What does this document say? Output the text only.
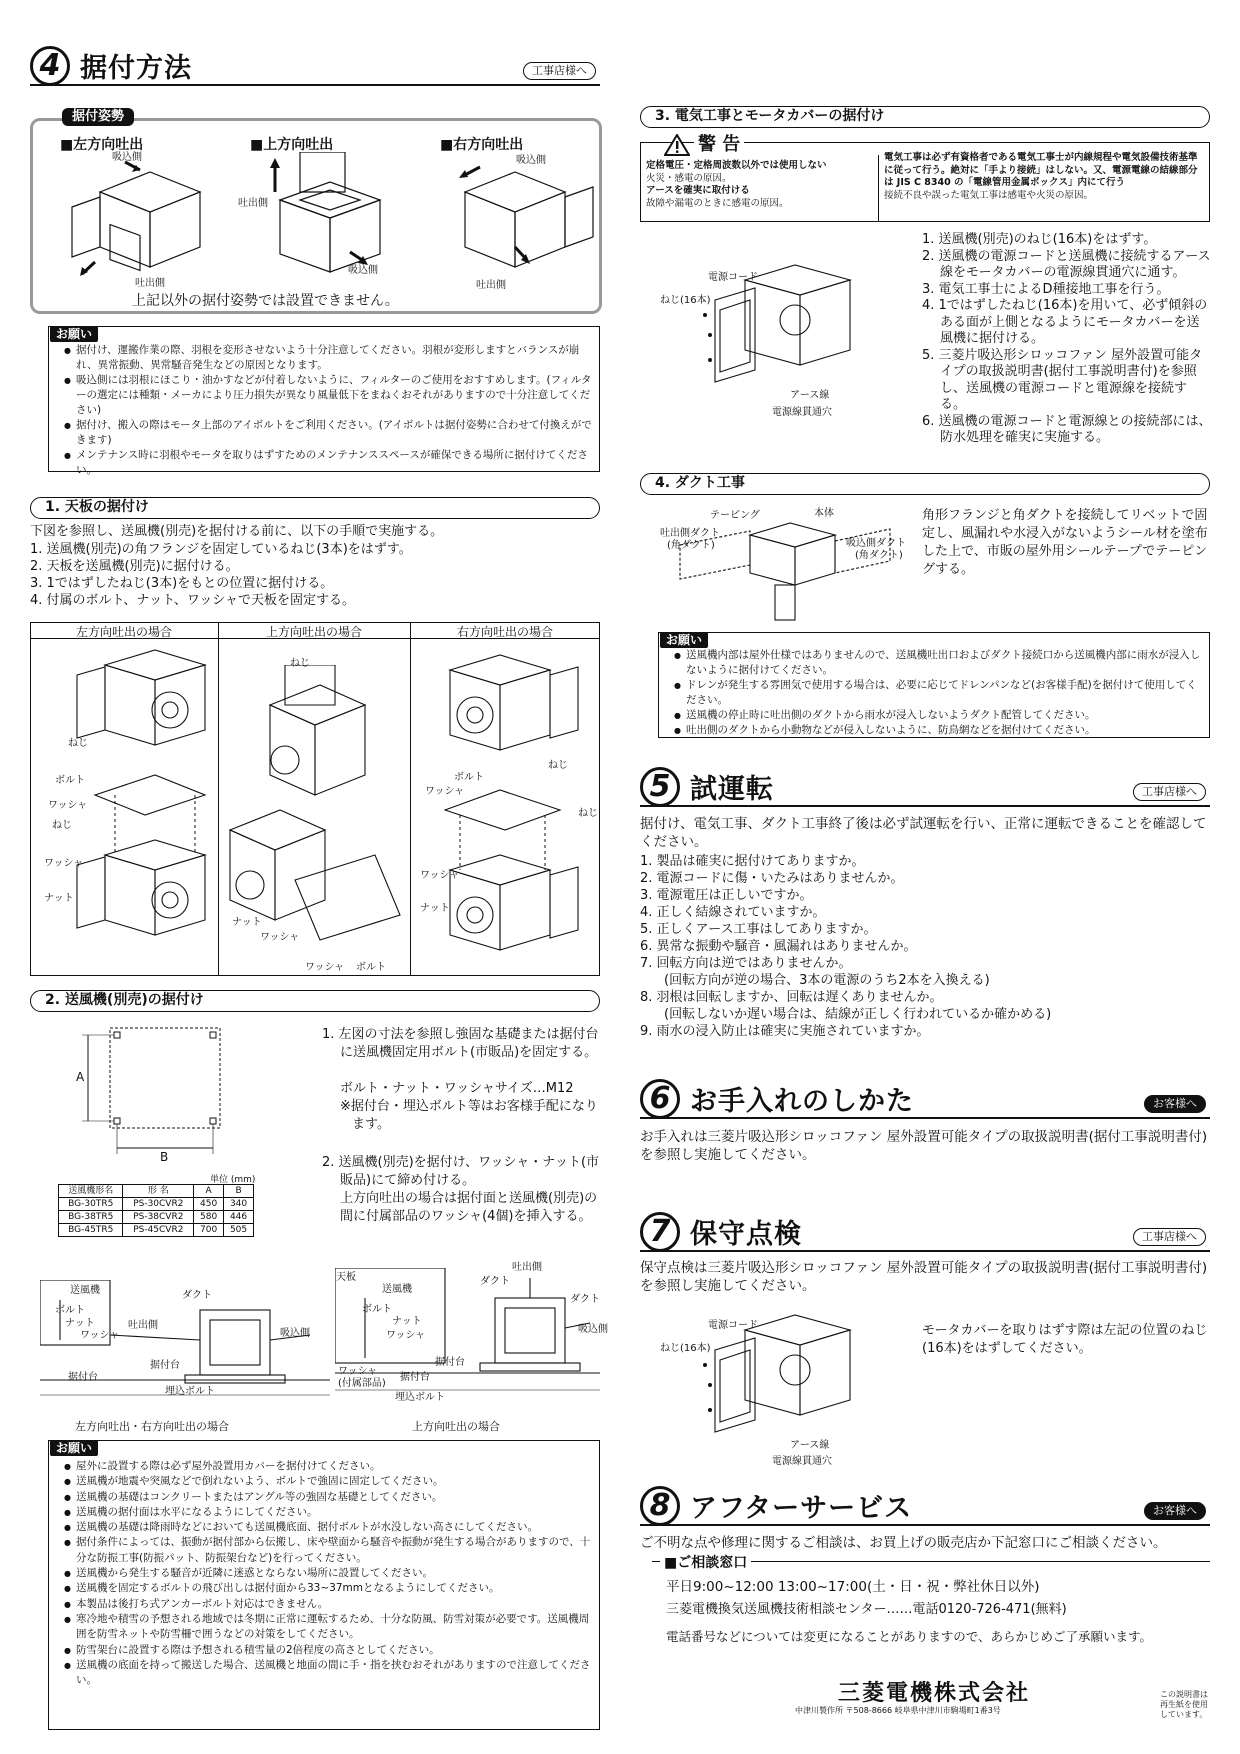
4 据付方法	工事店様へ
据付姿勢
■左方向吐出	■上方向吐出	■右方向吐出
吸込側
吐出側
吐出側
吸込側
吸込側
吐出側
上記以外の据付姿勢では設置できません。
お願い
● 据付け、運搬作業の際、羽根を変形させないよう十分注意してください。羽根が変形しますとバランスが崩れ、異常振動、異常騒音発生などの原因となります。
● 吸込側には羽根にほこり・油かすなどが付着しないように、フィルターのご使用をおすすめします。(フィルターの選定には種類・メーカにより圧力損失が異なり風量低下をまねくおそれがありますので十分注意してください)
● 据付け、搬入の際はモータ上部のアイボルトをご利用ください。(アイボルトは据付姿勢に合わせて付換えができます)
● メンテナンス時に羽根やモータを取りはずすためのメンテナンススペースが確保できる場所に据付けてください。
1. 天板の据付け
下図を参照し、送風機(別売)を据付ける前に、以下の手順で実施する。
1. 送風機(別売)の角フランジを固定しているねじ(3本)をはずす。
2. 天板を送風機(別売)に据付ける。
3. 1ではずしたねじ(3本)をもとの位置に据付ける。
4. 付属のボルト、ナット、ワッシャで天板を固定する。
左方向吐出の場合	上方向吐出の場合	右方向吐出の場合
ねじ
ボルト
ワッシャ
ねじ
ワッシャ
ナット
ねじ
ナット
ワッシャ
ワッシャ ボルト
ねじ
ボルト
ワッシャ
ねじ
ワッシャ
ナット
2. 送風機(別売)の据付け
A
B
単位 (mm)
送風機形名	形 名	A	B
BG-30TR5	PS-30CVR2	450	340
BG-38TR5	PS-38CVR2	580	446
BG-45TR5	PS-45CVR2	700	505
1. 左図の寸法を参照し強固な基礎または据付台に送風機固定用ボルト(市販品)を固定する。
ボルト・ナット・ワッシャサイズ…M12
※据付台・埋込ボルト等はお客様手配になります。
2. 送風機(別売)を据付け、ワッシャ・ナット(市販品)にて締め付ける。
上方向吐出の場合は据付面と送風機(別売)の間に付属部品のワッシャ(4個)を挿入する。
送風機
ボルト
ナット
ワッシャ
据付台
ダクト
吐出側
吸込側
据付台
埋込ボルト
左方向吐出・右方向吐出の場合
天板
送風機
ボルト
ナット
ワッシャ
ワッシャ
(付属部品)
据付台
ダクト
ダクト
吐出側
吸込側
据付台
埋込ボルト
上方向吐出の場合
お願い
● 屋外に設置する際は必ず屋外設置用カバーを据付けてください。
● 送風機が地震や突風などで倒れないよう、ボルトで強固に固定してください。
● 送風機の基礎はコンクリートまたはアングル等の強固な基礎としてください。
● 送風機の据付面は水平になるようにしてください。
● 送風機の基礎は降雨時などにおいても送風機底面、据付ボルトが水没しない高さにしてください。
● 据付条件によっては、振動が据付部から伝搬し、床や壁面から騒音や振動が発生する場合がありますので、十分な防振工事(防振パット、防振架台など)を行ってください。
● 送風機から発生する騒音が近隣に迷惑とならない場所に設置してください。
● 送風機を固定するボルトの飛び出しは据付面から33~37mmとなるようにしてください。
● 本製品は後打ち式アンカーボルト対応はできません。
● 寒冷地や積雪の予想される地域では冬期に正常に運転するため、十分な防風、防雪対策が必要です。送風機周囲を防雪ネットや防雪柵で囲うなどの対策をしてください。
● 防雪架台に設置する際は予想される積雪量の2倍程度の高さとしてください。
● 送風機の底面を持って搬送した場合、送風機と地面の間に手・指を挟むおそれがありますので注意してください。
3. 電気工事とモータカバーの据付け
警 告
定格電圧・定格周波数以外では使用しない
火災・感電の原因。
アースを確実に取付ける
故障や漏電のときに感電の原因。
電気工事は必ず有資格者である電気工事士が内線規程や電気設備技術基準に従って行う。絶対に「手より接続」はしない。又、電源電線の結線部分は JIS C 8340 の「電線管用金属ボックス」内にて行う
接続不良や誤った電気工事は感電や火災の原因。
電源コード
ねじ(16本)
アース線
電源線貫通穴
1. 送風機(別売)のねじ(16本)をはずす。
2. 送風機の電源コードと送風機に接続するアース線をモータカバーの電源線貫通穴に通す。
3. 電気工事士によるD種接地工事を行う。
4. 1ではずしたねじ(16本)を用いて、必ず傾斜のある面が上側となるようにモータカバーを送風機に据付ける。
5. 三菱片吸込形シロッコファン 屋外設置可能タイプの取扱説明書(据付工事説明書付)を参照し、送風機の電源コードと電源線を接続する。
6. 送風機の電源コードと電源線との接続部には、防水処理を確実に実施する。
4. ダクト工事
テーピング	本体
吐出側ダクト
(角ダクト)	吸込側ダクト
(角ダクト)
角形フランジと角ダクトを接続してリベットで固定し、風漏れや水浸入がないようシール材を塗布した上で、市販の屋外用シールテープでテーピングする。
お願い
● 送風機内部は屋外仕様ではありませんので、送風機吐出口およびダクト接続口から送風機内部に雨水が浸入しないように据付けてください。
● ドレンが発生する雰囲気で使用する場合は、必要に応じてドレンパンなど(お客様手配)を据付けて使用してください。
● 送風機の停止時に吐出側のダクトから雨水が浸入しないようダクト配管してください。
● 吐出側のダクトから小動物などが侵入しないように、防鳥網などを据付けてください。
5 試運転	工事店様へ
据付け、電気工事、ダクト工事終了後は必ず試運転を行い、正常に運転できることを確認してください。
1. 製品は確実に据付けてありますか。
2. 電源コードに傷・いたみはありませんか。
3. 電源電圧は正しいですか。
4. 正しく結線されていますか。
5. 正しくアース工事はしてありますか。
6. 異常な振動や騒音・風漏れはありませんか。
7. 回転方向は逆ではありませんか。
(回転方向が逆の場合、3本の電源のうち2本を入換える)
8. 羽根は回転しますか、回転は遅くありませんか。
(回転しないか遅い場合は、結線が正しく行われているか確かめる)
9. 雨水の浸入防止は確実に実施されていますか。
6 お手入れのしかた	お客様へ
お手入れは三菱片吸込形シロッコファン 屋外設置可能タイプの取扱説明書(据付工事説明書付)を参照し実施してください。
7 保守点検	工事店様へ
保守点検は三菱片吸込形シロッコファン 屋外設置可能タイプの取扱説明書(据付工事説明書付)を参照し実施してください。
電源コード
ねじ(16本)
アース線
電源線貫通穴
モータカバーを取りはずす際は左記の位置のねじ(16本)をはずしてください。
8 アフターサービス	お客様へ
ご不明な点や修理に関するご相談は、お買上げの販売店か下記窓口にご相談ください。
■ご相談窓口
平日9:00~12:00 13:00~17:00(土・日・祝・弊社休日以外)
三菱電機換気送風機技術相談センター……電話0120-726-471(無料)
電話番号などについては変更になることがありますので、あらかじめご了承願います。
三菱電機株式会社
中津川製作所 〒508-8666 岐阜県中津川市駒場町1番3号
この説明書は
再生紙を使用
しています。
